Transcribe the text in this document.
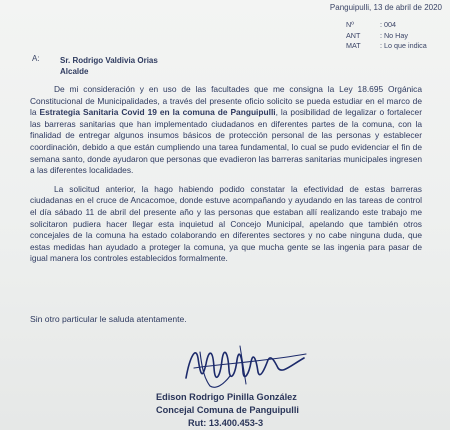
Panguipulli, 13 de abril de 2020
Nº	: 004
ANT	: No Hay
MAT	: Lo que indica
A:	Sr. Rodrigo Valdivia Orias
Alcalde

De mi consideración y en uso de las facultades que me consigna la Ley 18.695 Orgánica Constitucional de Municipalidades, a través del presente oficio solicito se pueda estudiar en el marco de la Estrategia Sanitaria Covid 19 en la comuna de Panguipulli, la posibilidad de legalizar o fortalecer las barreras sanitarias que han implementado ciudadanos en diferentes partes de la comuna, con la finalidad de entregar algunos insumos básicos de protección personal de las personas y establecer coordinación, debido a que están cumpliendo una tarea fundamental, lo cual se pudo evidenciar el fin de semana santo, donde ayudaron que personas que evadieron las barreras sanitarias municipales ingresen a las diferentes localidades.

La solicitud anterior, la hago habiendo podido constatar la efectividad de estas barreras ciudadanas en el cruce de Ancacomoe, donde estuve acompañando y ayudando en las tareas de control el día sábado 11 de abril del presente año y las personas que estaban allí realizando este trabajo me solicitaron pudiera hacer llegar esta inquietud al Concejo Municipal, apelando que también otros concejales de la comuna ha estado colaborando en diferentes sectores y no cabe ninguna duda, que estas medidas han ayudado a proteger la comuna, ya que mucha gente se las ingenia para pasar de igual manera los controles establecidos formalmente.

Sin otro particular le saluda atentamente.
Edison Rodrigo Pinilla González
Concejal Comuna de Panguipulli
Rut: 13.400.453-3
